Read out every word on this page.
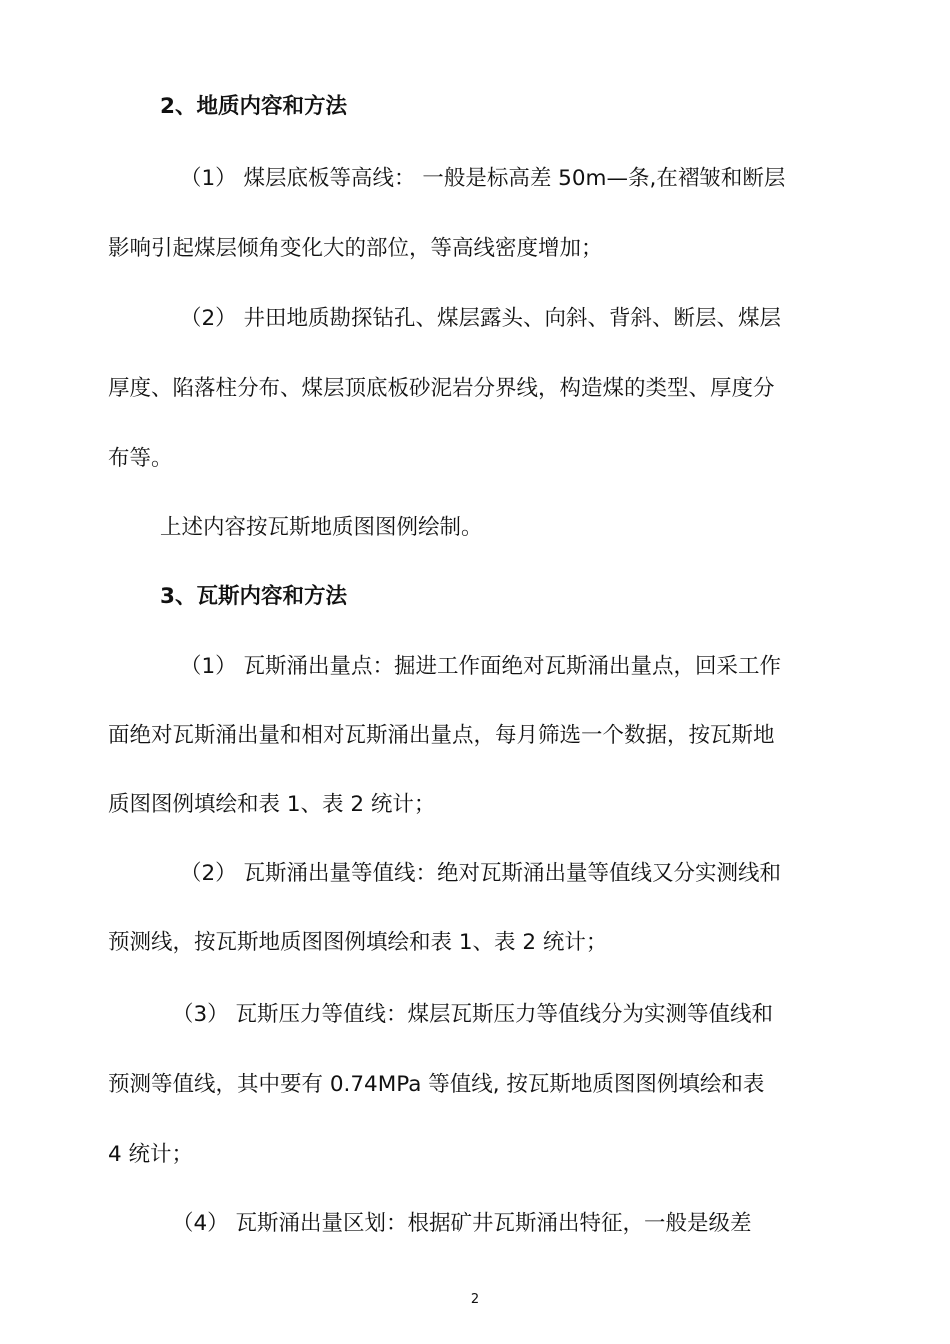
2、地质内容和方法
（1） 煤层底板等高线： 一般是标高差 50m—条,在褶皱和断层
影响引起煤层倾角变化大的部位，等高线密度增加；
（2） 井田地质勘探钻孔、煤层露头、向斜、背斜、断层、煤层
厚度、陷落柱分布、煤层顶底板砂泥岩分界线，构造煤的类型、厚度分
布等。
上述内容按瓦斯地质图图例绘制。
3、瓦斯内容和方法
（1） 瓦斯涌出量点：掘进工作面绝对瓦斯涌出量点，回采工作
面绝对瓦斯涌出量和相对瓦斯涌出量点，每月筛选一个数据，按瓦斯地
质图图例填绘和表 1、表 2 统计；
（2） 瓦斯涌出量等值线：绝对瓦斯涌出量等值线又分实测线和
预测线，按瓦斯地质图图例填绘和表 1、表 2 统计；
（3） 瓦斯压力等值线：煤层瓦斯压力等值线分为实测等值线和
预测等值线，其中要有 0.74MPa 等值线, 按瓦斯地质图图例填绘和表
4 统计；
（4） 瓦斯涌出量区划：根据矿井瓦斯涌出特征，一般是级差
2
